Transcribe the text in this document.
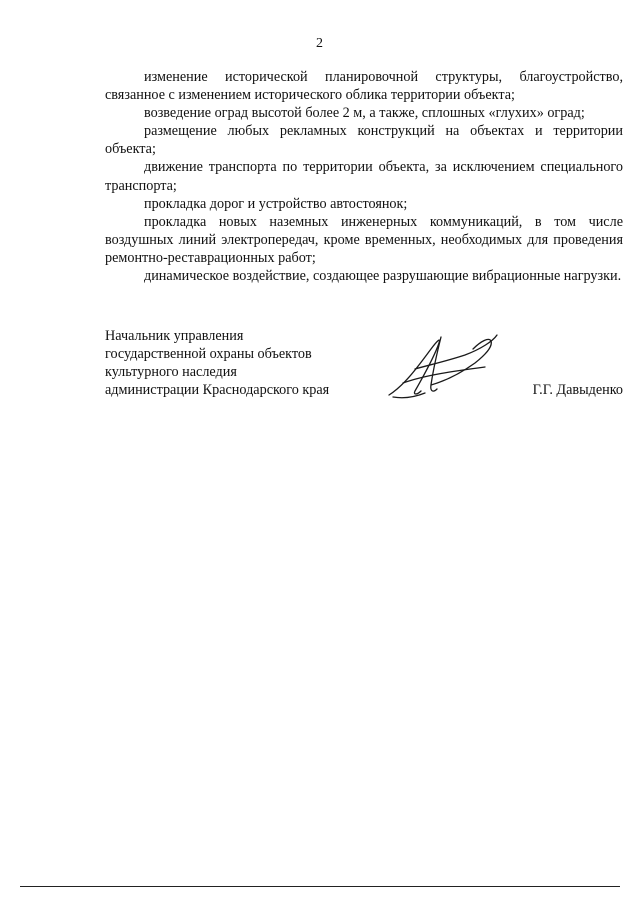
2

изменение исторической планировочной структуры, благоустройство, связанное с изменением исторического облика территории объекта;

возведение оград высотой более 2 м, а также, сплошных «глухих» оград;

размещение любых рекламных конструкций на объектах и территории объекта;

движение транспорта по территории объекта, за исключением специального транспорта;

прокладка дорог и устройство автостоянок;

прокладка новых наземных инженерных коммуникаций, в том числе воздушных линий электропередач, кроме временных, необходимых для проведения ремонтно-реставрационных работ;

динамическое воздействие, создающее разрушающие вибрационные нагрузки.

Начальник управления
государственной охраны объектов
культурного наследия
администрации Краснодарского края	Г.Г. Давыденко
